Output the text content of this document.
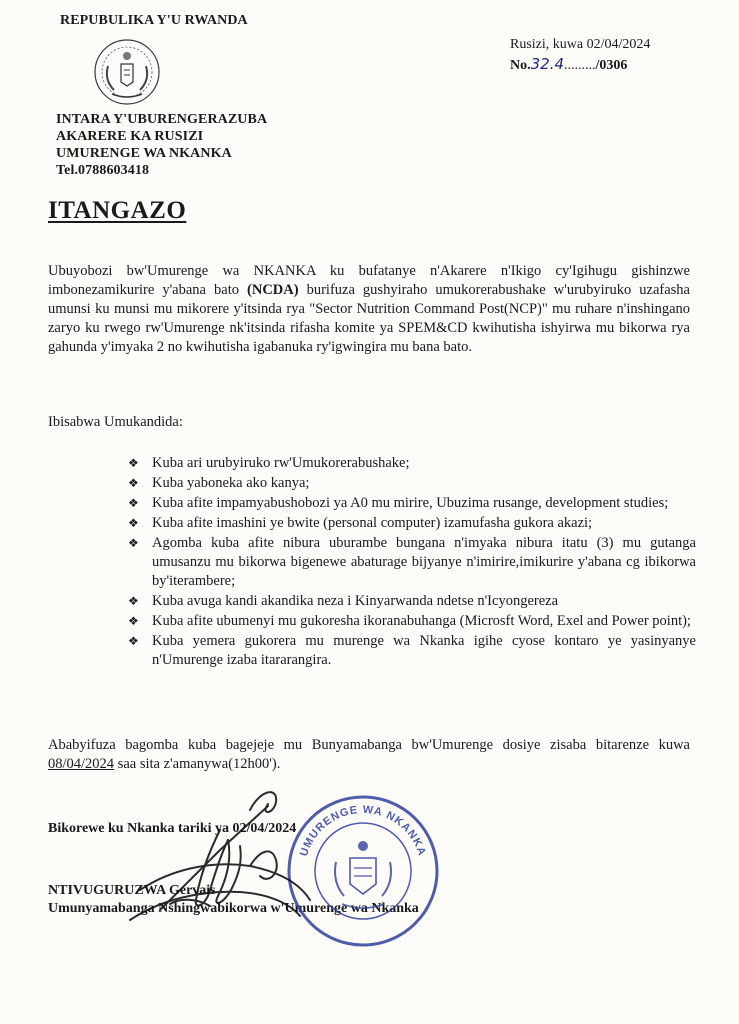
REPUBULIKA Y'U RWANDA
INTARA Y'UBURENGERAZUBA
AKARERE KA RUSIZI
UMURENGE WA NKANKA
Tel.0788603418
Rusizi, kuwa 02/04/2024
No.32.4........./0306
ITANGAZO
Ubuyobozi bw'Umurenge wa NKANKA ku bufatanye n'Akarere n'Ikigo cy'Igihugu gishinzwe imbonezamikurire y'abana bato (NCDA) burifuza gushyiraho umukorerabushake w'urubyiruko uzafasha umunsi ku munsi mu mikorere y'itsinda rya "Sector Nutrition Command Post(NCP)" mu ruhare n'inshingano zaryo ku rwego rw'Umurenge nk'itsinda rifasha komite ya SPEM&CD kwihutisha ishyirwa mu bikorwa rya gahunda y'imyaka 2 no kwihutisha igabanuka ry'igwingira mu bana bato.
Ibisabwa Umukandida:
❖ Kuba ari urubyiruko rw'Umukorerabushake;
❖ Kuba yaboneka ako kanya;
❖ Kuba afite impamyabushobozi ya A0 mu mirire, Ubuzima rusange, development studies;
❖ Kuba afite imashini ye bwite (personal computer) izamufasha gukora akazi;
❖ Agomba kuba afite nibura uburambe bungana n'imyaka nibura itatu (3) mu gutanga umusanzu mu bikorwa bigenewe abaturage bijyanye n'imirire,imikurire y'abana cg ibikorwa by'iterambere;
❖ Kuba avuga kandi akandika neza i Kinyarwanda ndetse n'Icyongereza
❖ Kuba afite ubumenyi mu gukoresha ikoranabuhanga (Microsft Word, Exel and Power point);
❖ Kuba yemera gukorera mu murenge wa Nkanka igihe cyose kontaro ye yasinyanye n'Umurenge izaba itararangira.
Ababyifuza bagomba kuba bagejeje mu Bunyamabanga bw'Umurenge dosiye zisaba bitarenze kuwa 08/04/2024 saa sita z'amanywa(12h00').
Bikorewe ku Nkanka tariki ya 02/04/2024
NTIVUGURUZWA Gervais
Umunyamabanga Nshingwabikorwa w'Umurenge wa Nkanka
UMURENGE WA NKANKA
